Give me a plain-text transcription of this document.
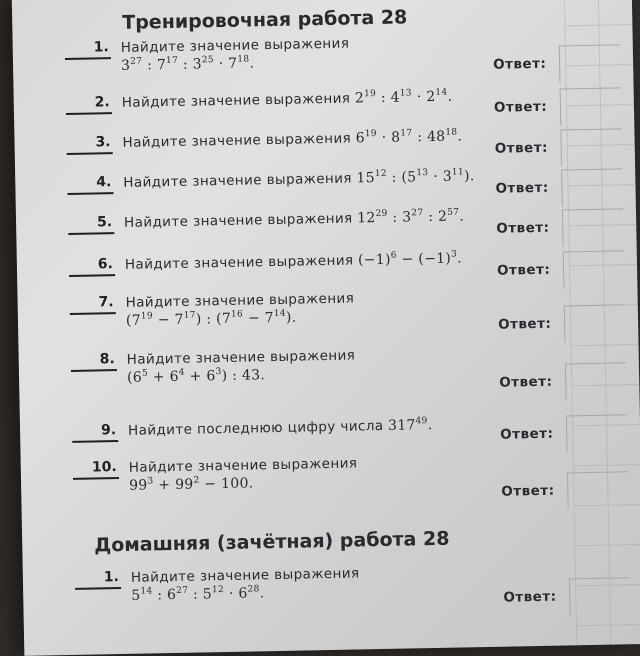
Тренировочная работа 28
1. Найдите значение выражения
$3^{27}$ : $7^{17}$ : $3^{25} \cdot 7^{18}$.	Ответ:
2. Найдите значение выражения $2^{19}$ : $4^{13} \cdot 2^{14}$.
Ответ:
3. Найдите значение выражения $6^{19} \cdot 8^{17}$ : $48^{18}$.
Ответ:
4. Найдите значение выражения $15^{12}$ : $(5^{13} \cdot 3^{11})$.
Ответ:
5. Найдите значение выражения $12^{29}$ : $3^{27}$ : $2^{57}$.
Ответ:
6. Найдите значение выражения $(-1)^6 - (-1)^3$.
Ответ:
7. Найдите значение выражения
$(7^{19} - 7^{17})$ : $(7^{16} - 7^{14})$.	Ответ:
8. Найдите значение выражения
$(6^5 + 6^4 + 6^3)$ : 43.	Ответ:
9. Найдите последнюю цифру числа $317^{49}$.
Ответ:
10. Найдите значение выражения
$99^3 + 99^2 - 100$.	Ответ:
Домашняя (зачётная) работа 28
1. Найдите значение выражения
$5^{14}$ : $6^{27}$ : $5^{12} \cdot 6^{28}$.	Ответ:
